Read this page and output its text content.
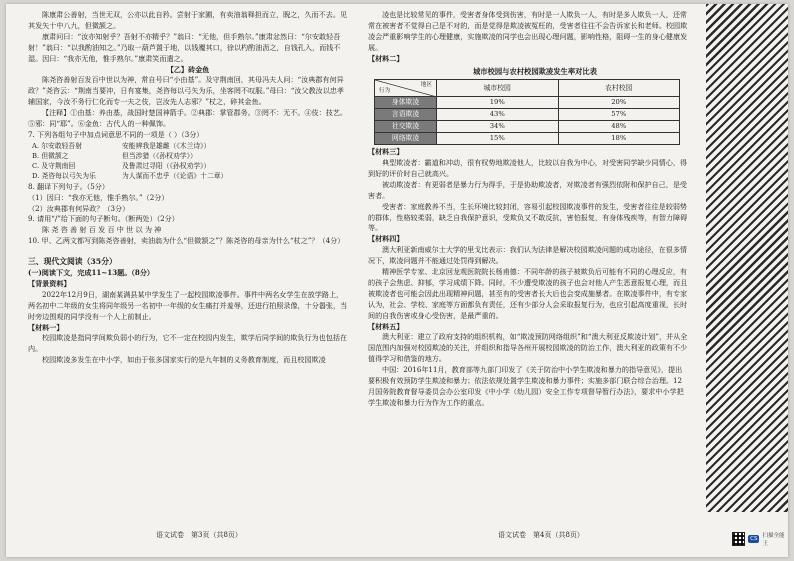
陈康肃公善射，当世无双，公亦以此自矜。尝射于家圃，有卖油翁释担而立，睨之，久而不去。见其发矢十中八九，但微颔之。

康肃问曰：“汝亦知射乎？吾射不亦精乎？”翁曰：“无他，但手熟尔。”康肃忿然曰：“尔安敢轻吾射！”翁曰：“以我酌油知之。”乃取一葫芦置于地，以钱覆其口，徐以杓酌油沥之，自钱孔入，而钱不湿。因曰：“我亦无他，惟手熟尔。”康肃笑而遣之。

【乙】砖金鱼

陈尧咨善射百发百中世以为神，常自号曰“小由基”。及守荆南回，其母冯夫人问：“汝典郡有何异政？”尧咨云：“荆南当要冲，日有宴集，尧咨每以弓矢为乐，坐客罔不叹服。”母曰：“汝父教汝以忠孝辅国家，今汝不务行仁化而专一夫之伎，岂汝先人志邪？”杖之，碎其金鱼。

【注释】①由基：养由基，战国时楚国神箭手。②典郡：掌管郡务。③罔不：无不。④伎：技艺。⑤邪：同“耶”。⑥金鱼：古代人的一种佩饰。

7. 下列各组句子中加点词意思不同的一项是（ ）（3分）

A. 尔安敢轻吾射	安能辨我是雄雌（《木兰诗》）
B. 但微颔之	但当涉猎（《孙权劝学》）
C. 及守荆南回	及鲁肃过寻阳（《孙权劝学》）
D. 尧咨每以弓矢为乐	为人谋而不忠乎（《论语》十二章）

8. 翻译下列句子。（5分）

（1）因曰：“我亦无他，惟手熟尔。”（2分）

（2）汝典郡有何异政？（3分）

9. 请用“/”给下面的句子断句。（断两处）（2分）

陈 尧 咨 善 射 百 发 百 中 世 以 为 神

10. 甲、乙两文都写到陈尧咨善射，卖油翁为什么“但微颔之”？陈尧咨的母亲为什么“杖之”？（4分）

三、现代文阅读（35分）

(一)阅读下文，完成11~13题。（8分）

【背景资料】

2022年12月9日，湖南某满县某中学发生了一起校园欺凌事件。事件中两名女学生在放学路上，两名初中二年级的女生将同年级另一名初中一年级的女生痛打并羞辱，还进行拍照录像，十分嚣张，当时旁边围观的同学没有一个人上前制止。

【材料一】

校园欺凌是指同学间欺负弱小的行为，它不一定在校园内发生，欺学后同学间的欺负行为也包括在内。

校园欺凌多发生在中小学，如由于张多国家实行的是九年制的义务教育制度，而且校园欺凌

语文试卷　第3页（共8页）

凌也是比较常见的事件，受害者身体受到伤害，有时是一人欺负一人，有时是多人欺负一人，还常常在被害者不觉得自己是不对的，而是觉得是欺凌被冤枉的，受害者往往不会告诉家长和老师。校园欺凌会严重影响学生的心理健康，实施欺凌的同学也会出现心理问题，影响性格，阻碍一生的身心健康发展。

【材料二】

城市校园与农村校园欺凌发生率对比表

地区
行为	城市校园	农村校园
身体欺凌	19%	20%
言语欺凌	43%	57%
社交欺凌	34%	48%
网络欺凌	15%	18%

【材料三】

典型欺凌者：霸道和冲动，很有权势地欺凌他人，比较以自我为中心，对受害同学缺少同情心，得到好的评价时自己就高兴。

被动欺凌者：有更弱者是暴力行为得手，于是协助欺凌者，对欺凌者有强烈依附和保护自己，是受害者。

受害者：家庭教养不当，生长环境比较封闭，容易引起校园欺凌事件的发生，受害者往往是较弱势的群体，性格较柔弱，缺乏自我保护意识，受欺负又不敢反抗，害怕报复，有身体残疾等，有智力障碍等。

【材料四】

澳大利亚新南威尔士大学的里戈比表示：我们认为法律是解决校园欺凌问题的成功途径，在很多情况下，欺凌问题并不能通过处罚得到解决。

精神医学专家、北京回龙观医院院长杨甫德：不同年龄的孩子被欺负后可能有不同的心理反应，有的孩子会焦虑、抑郁，学习成绩下降。同时，不少遭受欺凌的孩子也会对他人产生恶意报复心理，而且被欺凌者也可能会因此出现精神问题，甚至有的受害者长大后也会变成施暴者。在欺凌事件中，有专家认为，社会、学校、家庭等方面都负有责任，还有少部分人会采取报复行为，也应引起高度重视，长时间的自我伤害或身心受伤害，是最严重的。

【材料五】

澳大利亚：建立了政府支持的组织机构，如“欺凌预防网络组织”和“澳大利亚反欺凌计划”，并从全国范围内加强对校园欺凌的关注，并组织和指导各州开展校园欺凌的防治工作，澳大利亚的政策有不少值得学习和借鉴的地方。

中国：2016年11月，教育部等九部门印发了《关于防治中小学生欺凌和暴力的指导意见》，提出要积极有效预防学生欺凌和暴力；依法依规处置学生欺凌和暴力事件；实施多部门联合综合治理。12月国务院教育督导委员会办公室印发《中小学（幼儿园）安全工作专项督导暂行办法》，要求中小学把学生欺凌和暴力行为作为工作的重点。

语文试卷　第4页（共8页）	CS 扫描全能王
